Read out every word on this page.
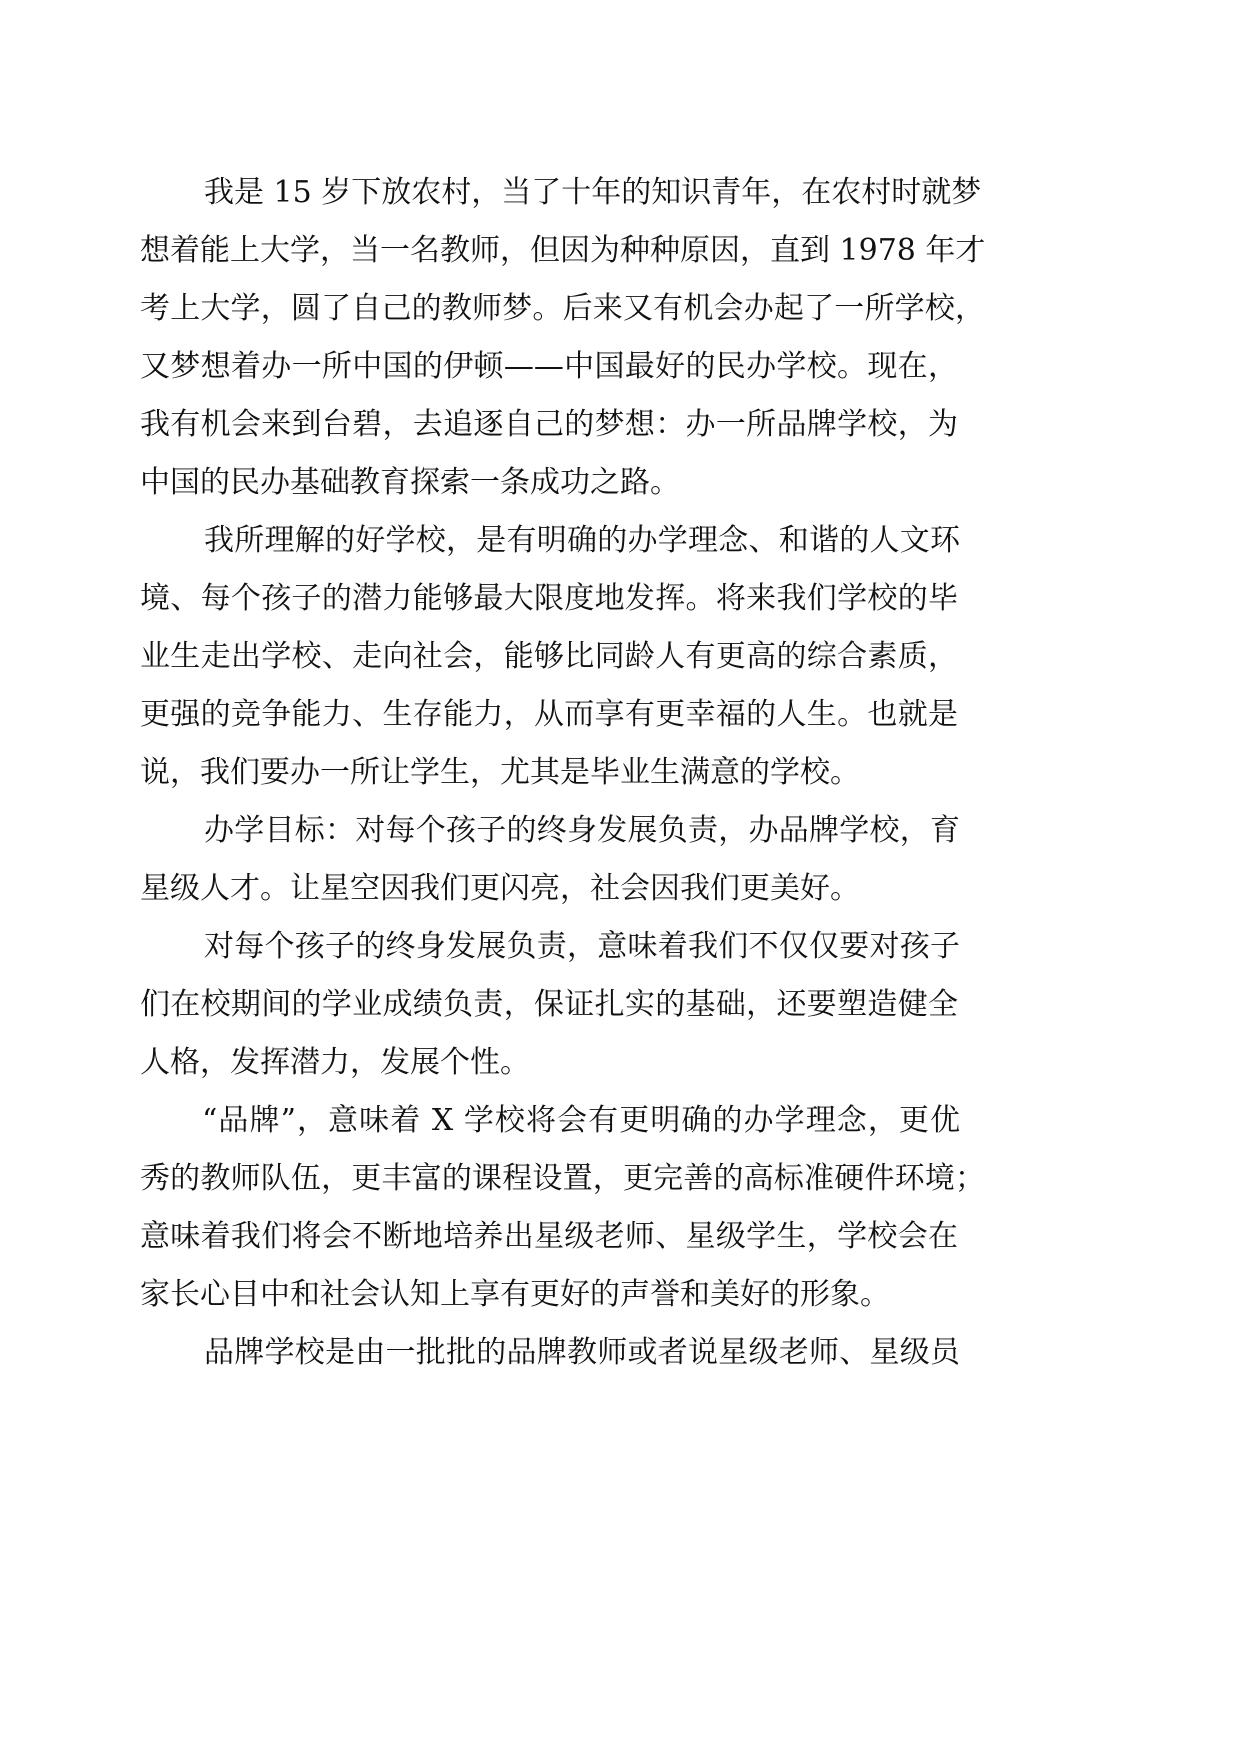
我是 15 岁下放农村，当了十年的知识青年，在农村时就梦
想着能上大学，当一名教师，但因为种种原因，直到 1978 年才
考上大学，圆了自己的教师梦。后来又有机会办起了一所学校，
又梦想着办一所中国的伊顿——中国最好的民办学校。现在，
我有机会来到台碧，去追逐自己的梦想：办一所品牌学校，为
中国的民办基础教育探索一条成功之路。
我所理解的好学校，是有明确的办学理念、和谐的人文环
境、每个孩子的潜力能够最大限度地发挥。将来我们学校的毕
业生走出学校、走向社会，能够比同龄人有更高的综合素质，
更强的竞争能力、生存能力，从而享有更幸福的人生。也就是
说，我们要办一所让学生，尤其是毕业生满意的学校。
办学目标：对每个孩子的终身发展负责，办品牌学校，育
星级人才。让星空因我们更闪亮，社会因我们更美好。
对每个孩子的终身发展负责，意味着我们不仅仅要对孩子
们在校期间的学业成绩负责，保证扎实的基础，还要塑造健全
人格，发挥潜力，发展个性。
“品牌”，意味着 X 学校将会有更明确的办学理念，更优
秀的教师队伍，更丰富的课程设置，更完善的高标准硬件环境；
意味着我们将会不断地培养出星级老师、星级学生，学校会在
家长心目中和社会认知上享有更好的声誉和美好的形象。
品牌学校是由一批批的品牌教师或者说星级老师、星级员
